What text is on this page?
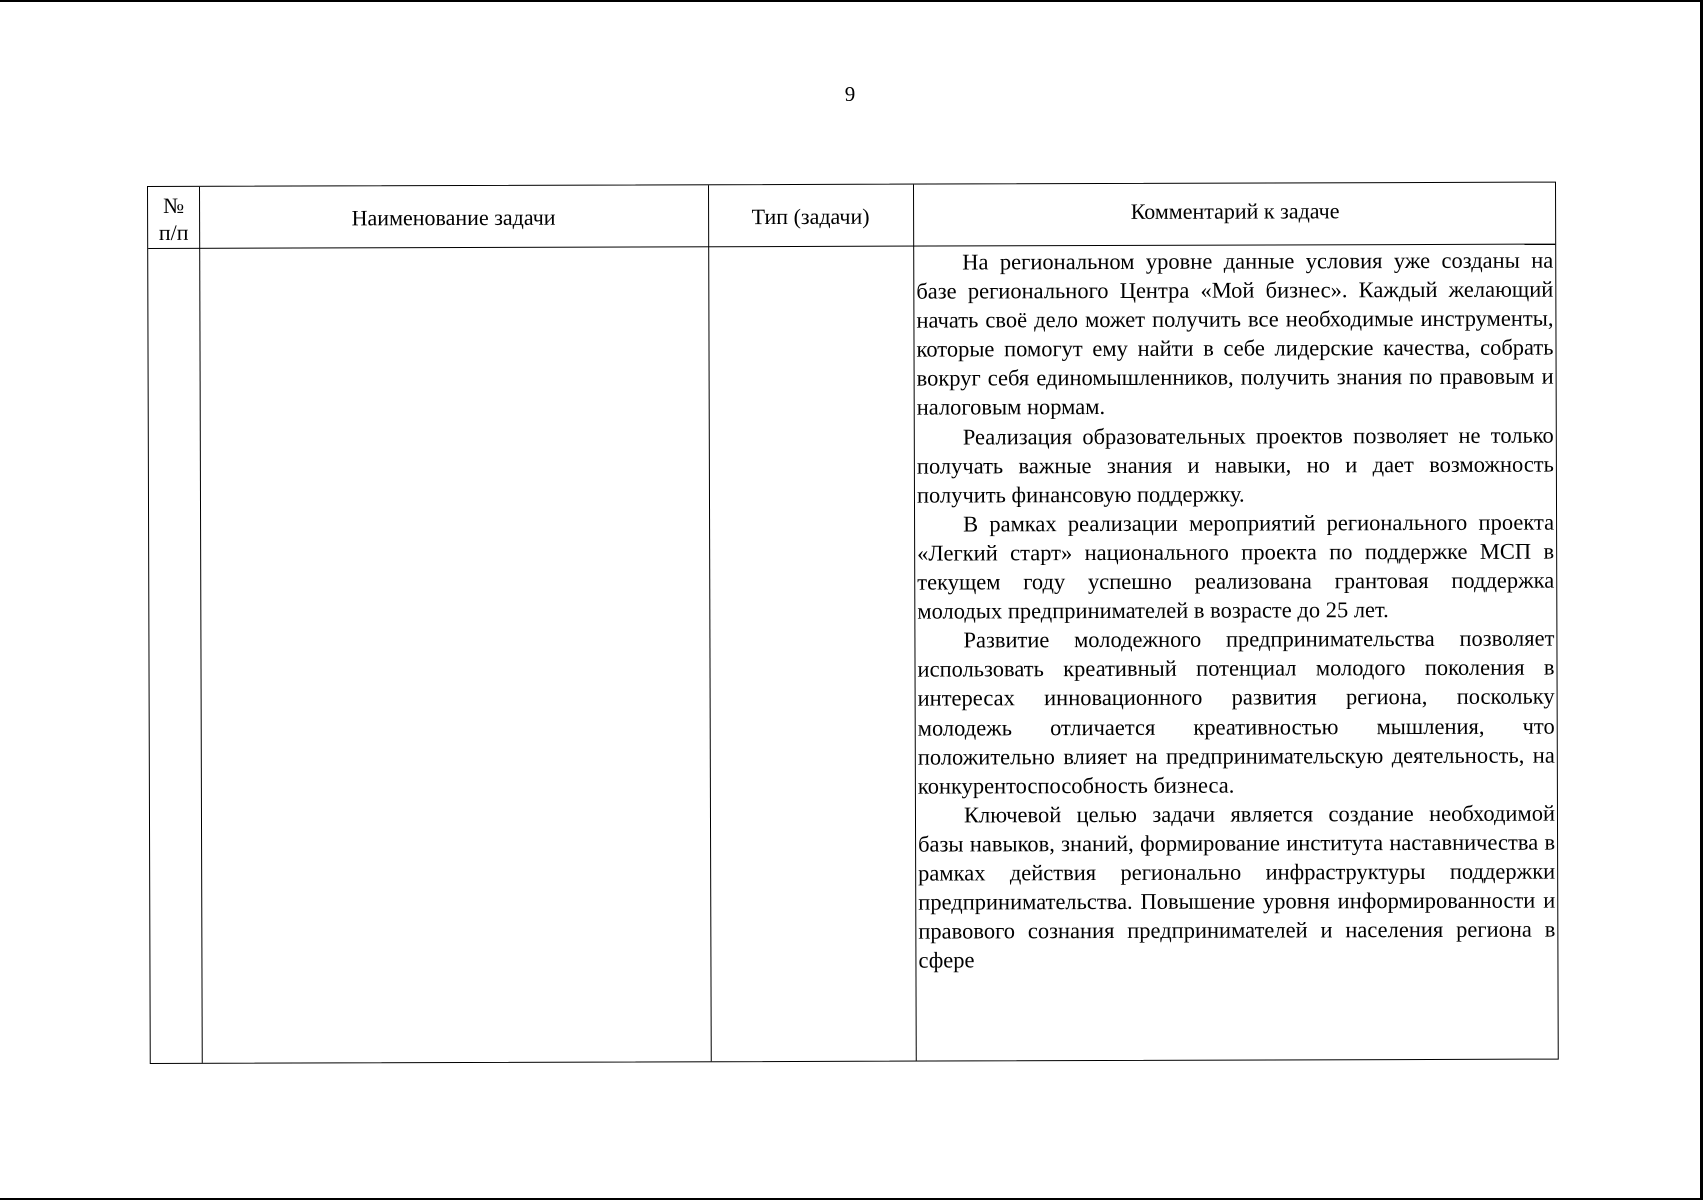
9
№
п/п
Наименование задачи	Тип (задачи)	Комментарий к задаче

На региональном уровне данные условия уже созданы на базе регионального Центра «Мой бизнес». Каждый желающий начать своё дело может получить все необходимые инструменты, которые помогут ему найти в себе лидерские качества, собрать вокруг себя единомышленников, получить знания по правовым и налоговым нормам.

Реализация образовательных проектов позволяет не только получать важные знания и навыки, но и дает возможность получить финансовую поддержку.

В рамках реализации мероприятий регионального проекта «Легкий старт» национального проекта по поддержке МСП в текущем году успешно реализована грантовая поддержка молодых предпринимателей в возрасте до 25 лет.

Развитие молодежного предпринимательства позволяет использовать креативный потенциал молодого поколения в интересах инновационного развития региона, поскольку молодежь отличается креативностью мышления, что положительно влияет на предпринимательскую деятельность, на конкурентоспособность бизнеса.

Ключевой целью задачи является создание необходимой базы навыков, знаний, формирование института наставничества в рамках действия регионально инфраструктуры поддержки предпринимательства. Повышение уровня информированности и правового сознания предпринимателей и населения региона в сфере
